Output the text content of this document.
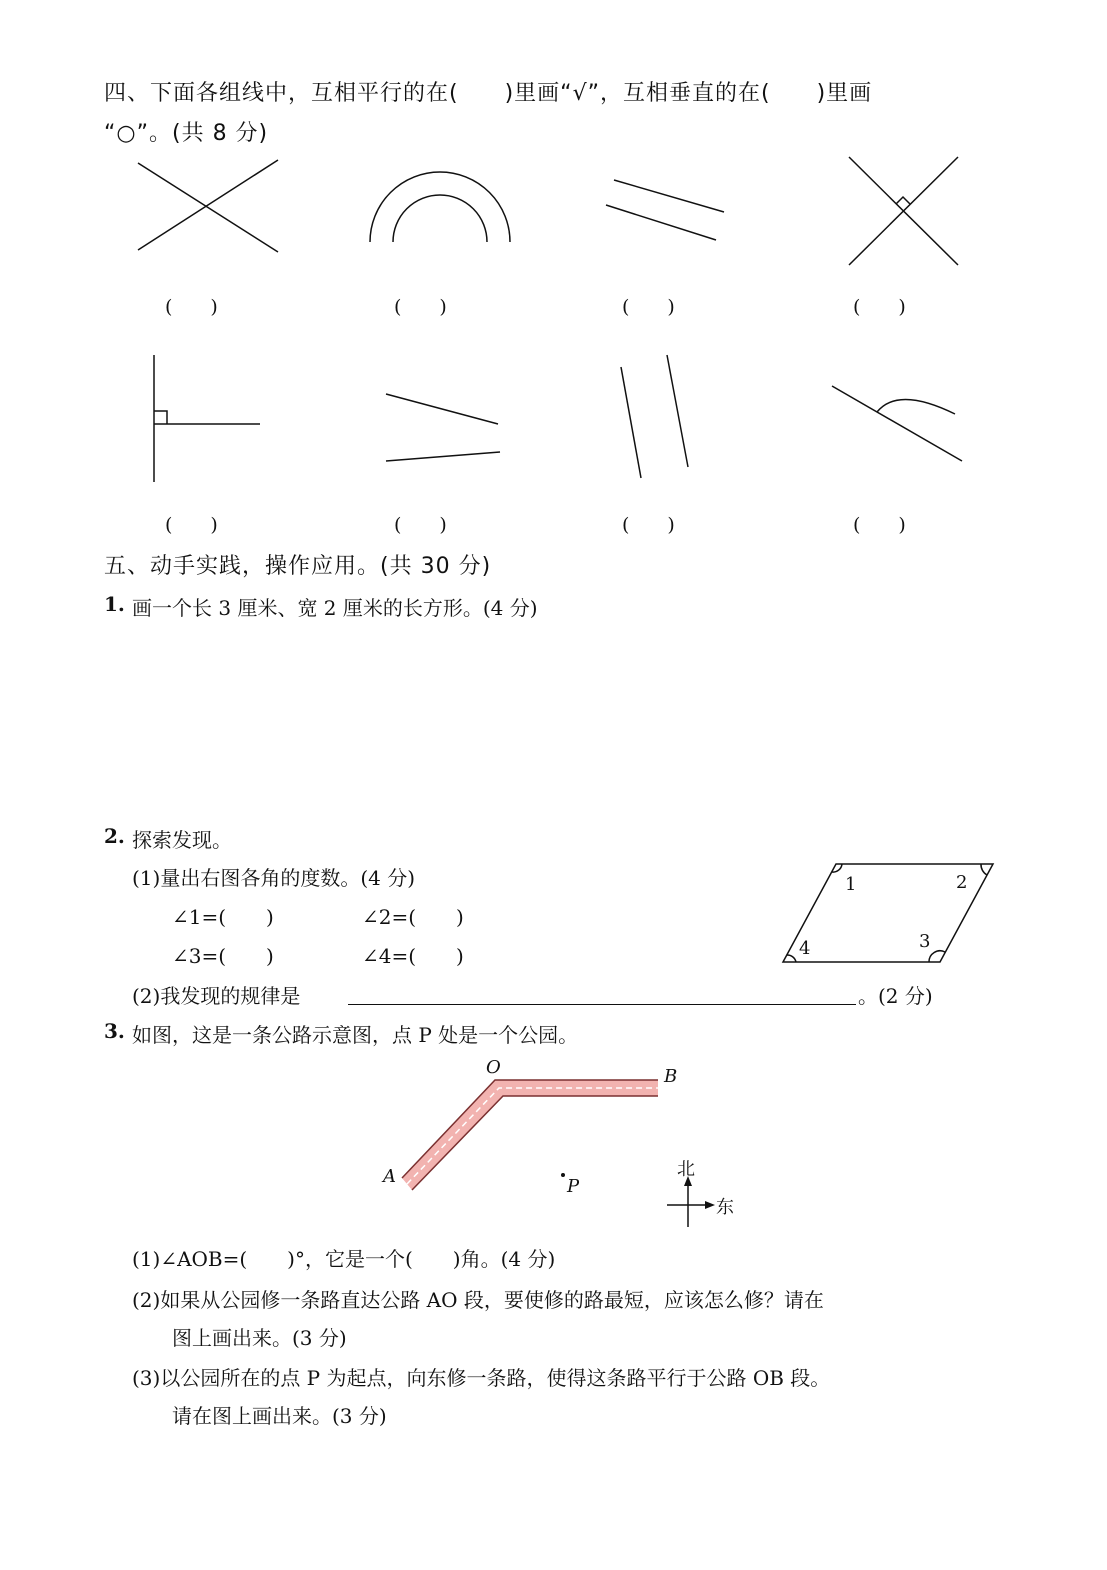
四、下面各组线中，互相平行的在(　　)里画“√”，互相垂直的在(　　)里画
“○”。(共 8 分)
(　　)	(　　)	(　　)	(　　)
(　　)	(　　)	(　　)	(　　)
五、动手实践，操作应用。(共 30 分)
1. 画一个长 3 厘米、宽 2 厘米的长方形。(4 分)
2. 探索发现。
(1)量出右图各角的度数。(4 分)
∠1=(　　)	∠2=(　　)
∠3=(　　)	∠4=(　　)
(2)我发现的规律是	。(2 分)
1	2
3
4
3. 如图，这是一条公路示意图，点 P 处是一个公园。
O	B
A	P
北
东
(1)∠AOB=(　　)°，它是一个(　　)角。(4 分)
(2)如果从公园修一条路直达公路 AO 段，要使修的路最短，应该怎么修？请在
图上画出来。(3 分)
(3)以公园所在的点 P 为起点，向东修一条路，使得这条路平行于公路 OB 段。
请在图上画出来。(3 分)
